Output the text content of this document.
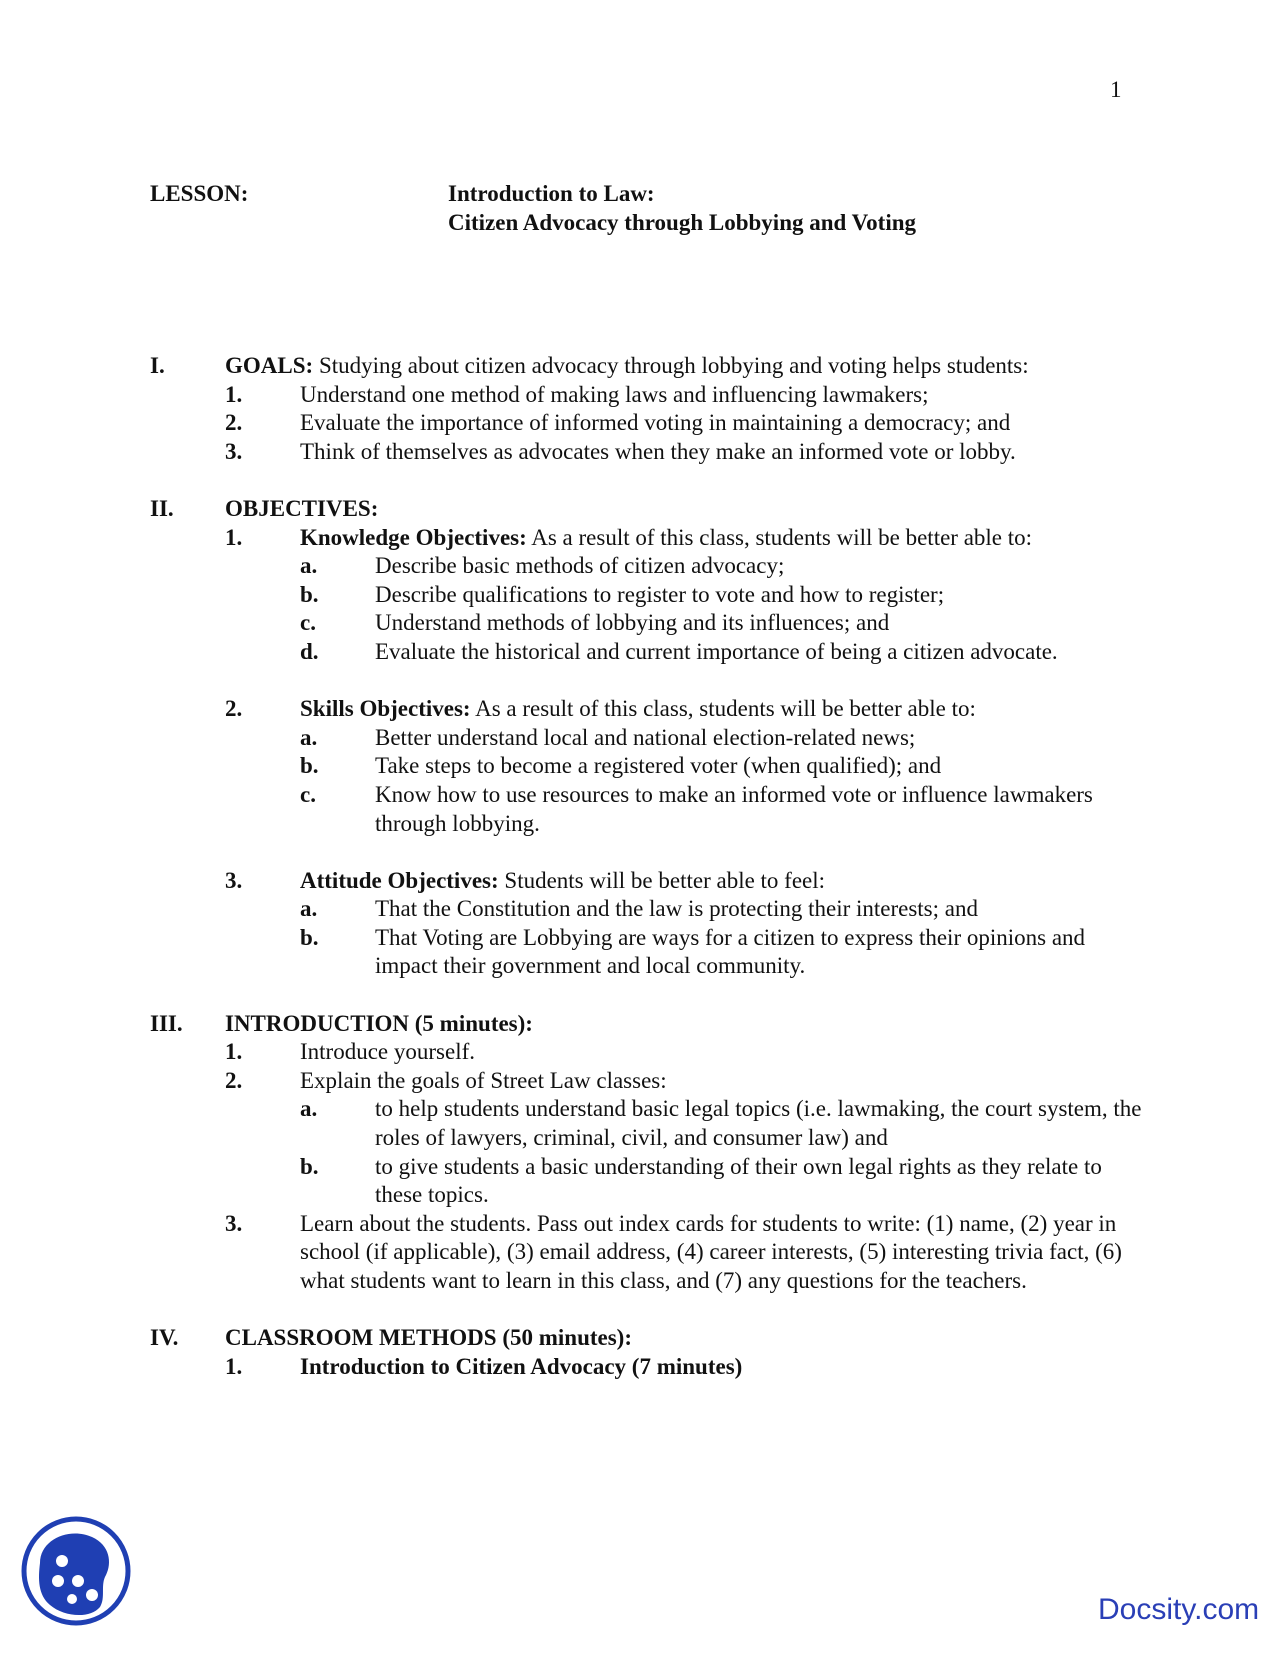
1
LESSON:	Introduction to Law:
Citizen Advocacy through Lobbying and Voting
I.	GOALS: Studying about citizen advocacy through lobbying and voting helps students:
1.	Understand one method of making laws and influencing lawmakers;
2.	Evaluate the importance of informed voting in maintaining a democracy; and
3.	Think of themselves as advocates when they make an informed vote or lobby.
II.	OBJECTIVES:
1.	Knowledge Objectives: As a result of this class, students will be better able to:
a.	Describe basic methods of citizen advocacy;
b.	Describe qualifications to register to vote and how to register;
c.	Understand methods of lobbying and its influences; and
d.	Evaluate the historical and current importance of being a citizen advocate.
2.	Skills Objectives: As a result of this class, students will be better able to:
a.	Better understand local and national election-related news;
b.	Take steps to become a registered voter (when qualified); and
c.	Know how to use resources to make an informed vote or influence lawmakers through lobbying.
3.	Attitude Objectives: Students will be better able to feel:
a.	That the Constitution and the law is protecting their interests; and
b.	That Voting are Lobbying are ways for a citizen to express their opinions and impact their government and local community.
III.	INTRODUCTION (5 minutes):
1.	Introduce yourself.
2.	Explain the goals of Street Law classes:
a.	to help students understand basic legal topics (i.e. lawmaking, the court system, the roles of lawyers, criminal, civil, and consumer law) and
b.	to give students a basic understanding of their own legal rights as they relate to these topics.
3.	Learn about the students. Pass out index cards for students to write: (1) name, (2) year in school (if applicable), (3) email address, (4) career interests, (5) interesting trivia fact, (6) what students want to learn in this class, and (7) any questions for the teachers.
IV.	CLASSROOM METHODS (50 minutes):
1.	Introduction to Citizen Advocacy (7 minutes)
Docsity.com
